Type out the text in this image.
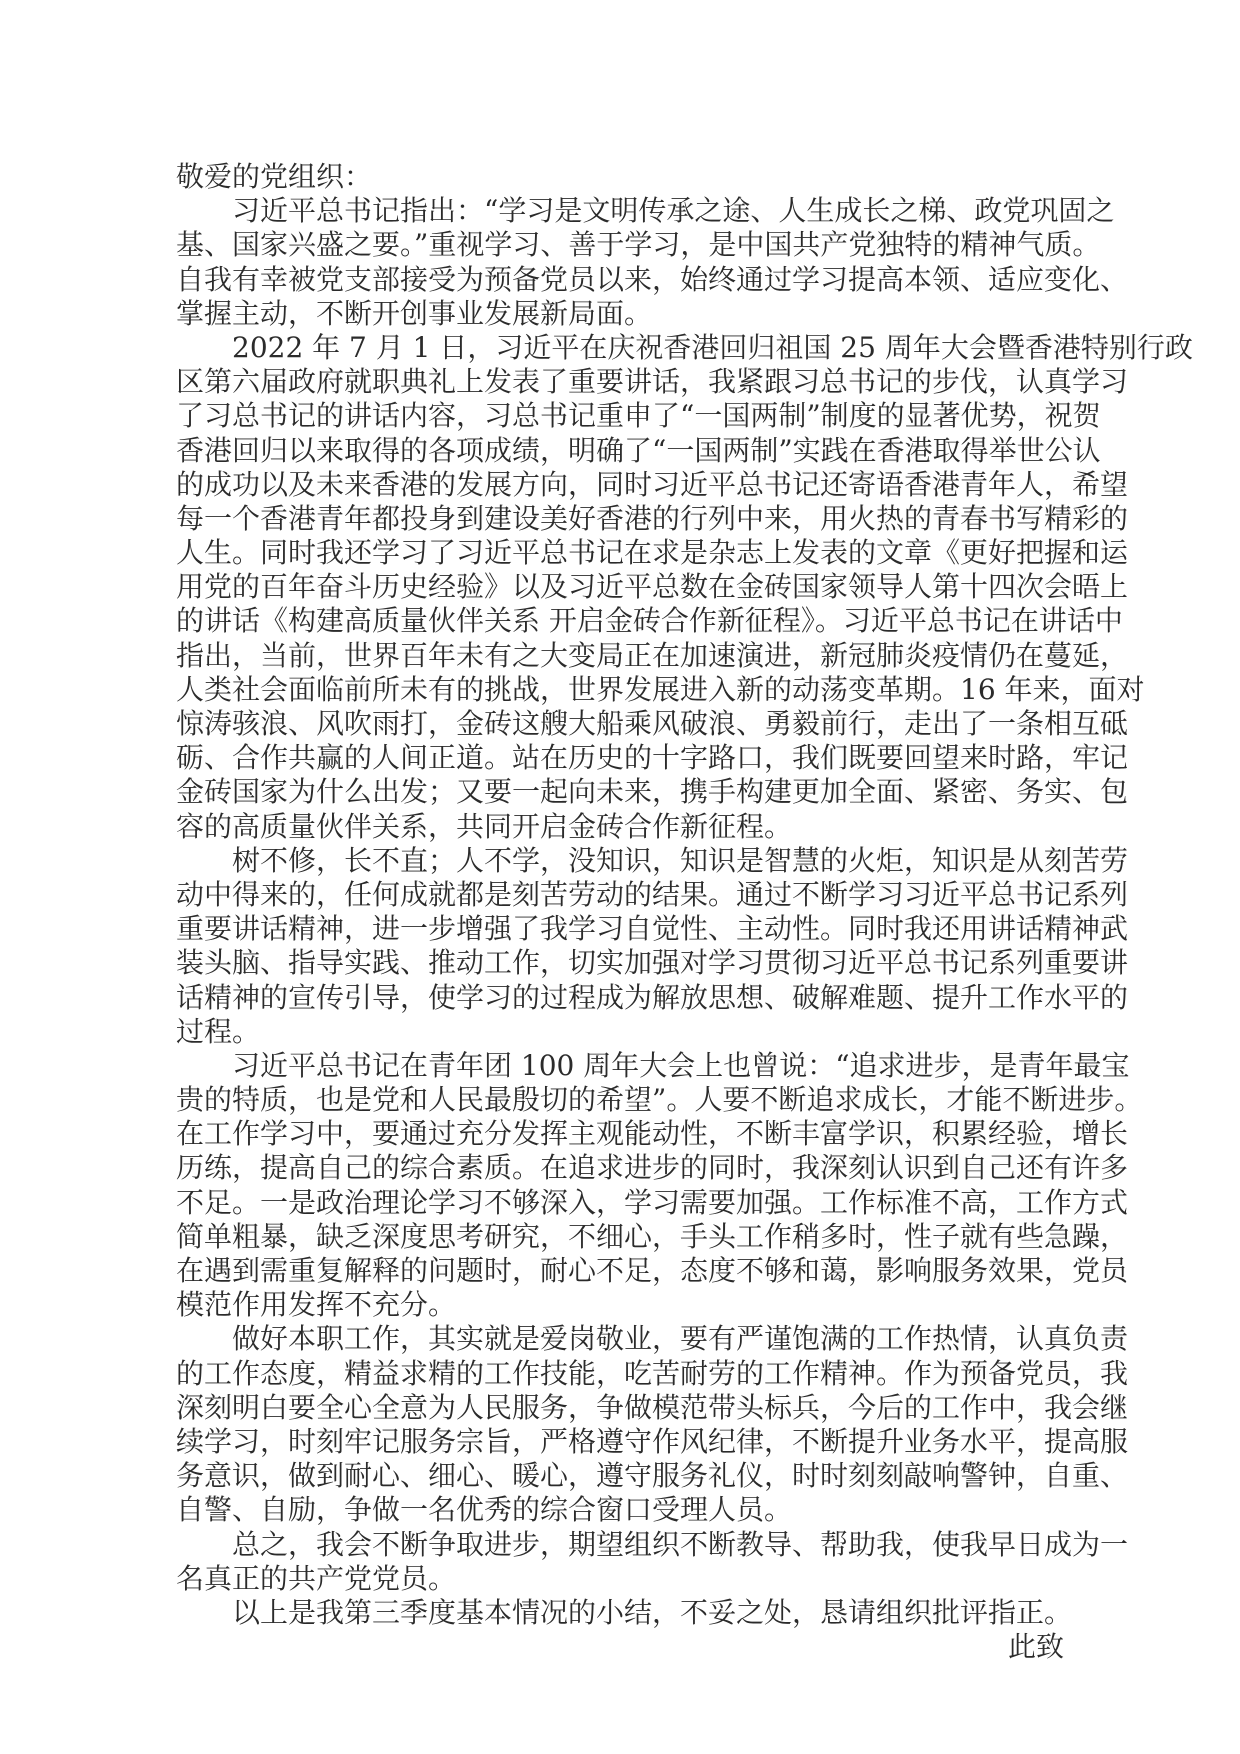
敬爱的党组织：
习近平总书记指出：“学习是文明传承之途、人生成长之梯、政党巩固之
基、国家兴盛之要。”重视学习、善于学习，是中国共产党独特的精神气质。
自我有幸被党支部接受为预备党员以来，始终通过学习提高本领、适应变化、
掌握主动，不断开创事业发展新局面。
2022 年 7 月 1 日，习近平在庆祝香港回归祖国 25 周年大会暨香港特别行政
区第六届政府就职典礼上发表了重要讲话，我紧跟习总书记的步伐，认真学习
了习总书记的讲话内容，习总书记重申了“一国两制”制度的显著优势，祝贺
香港回归以来取得的各项成绩，明确了“一国两制”实践在香港取得举世公认
的成功以及未来香港的发展方向，同时习近平总书记还寄语香港青年人，希望
每一个香港青年都投身到建设美好香港的行列中来，用火热的青春书写精彩的
人生。同时我还学习了习近平总书记在求是杂志上发表的文章《更好把握和运
用党的百年奋斗历史经验》以及习近平总数在金砖国家领导人第十四次会晤上
的讲话《构建高质量伙伴关系 开启金砖合作新征程》。习近平总书记在讲话中
指出，当前，世界百年未有之大变局正在加速演进，新冠肺炎疫情仍在蔓延，
人类社会面临前所未有的挑战，世界发展进入新的动荡变革期。16 年来，面对
惊涛骇浪、风吹雨打，金砖这艘大船乘风破浪、勇毅前行，走出了一条相互砥
砺、合作共赢的人间正道。站在历史的十字路口，我们既要回望来时路，牢记
金砖国家为什么出发；又要一起向未来，携手构建更加全面、紧密、务实、包
容的高质量伙伴关系，共同开启金砖合作新征程。
树不修，长不直；人不学，没知识，知识是智慧的火炬，知识是从刻苦劳
动中得来的，任何成就都是刻苦劳动的结果。通过不断学习习近平总书记系列
重要讲话精神，进一步增强了我学习自觉性、主动性。同时我还用讲话精神武
装头脑、指导实践、推动工作，切实加强对学习贯彻习近平总书记系列重要讲
话精神的宣传引导，使学习的过程成为解放思想、破解难题、提升工作水平的
过程。
习近平总书记在青年团 100 周年大会上也曾说：“追求进步，是青年最宝
贵的特质，也是党和人民最殷切的希望”。人要不断追求成长，才能不断进步。
在工作学习中，要通过充分发挥主观能动性，不断丰富学识，积累经验，增长
历练，提高自己的综合素质。在追求进步的同时，我深刻认识到自己还有许多
不足。一是政治理论学习不够深入，学习需要加强。工作标准不高，工作方式
简单粗暴，缺乏深度思考研究，不细心，手头工作稍多时，性子就有些急躁，
在遇到需重复解释的问题时，耐心不足，态度不够和蔼，影响服务效果，党员
模范作用发挥不充分。
做好本职工作，其实就是爱岗敬业，要有严谨饱满的工作热情，认真负责
的工作态度，精益求精的工作技能，吃苦耐劳的工作精神。作为预备党员，我
深刻明白要全心全意为人民服务，争做模范带头标兵，今后的工作中，我会继
续学习，时刻牢记服务宗旨，严格遵守作风纪律，不断提升业务水平，提高服
务意识，做到耐心、细心、暖心，遵守服务礼仪，时时刻刻敲响警钟，自重、
自警、自励，争做一名优秀的综合窗口受理人员。
总之，我会不断争取进步，期望组织不断教导、帮助我，使我早日成为一
名真正的共产党党员。
以上是我第三季度基本情况的小结，不妥之处，恳请组织批评指正。
此致
